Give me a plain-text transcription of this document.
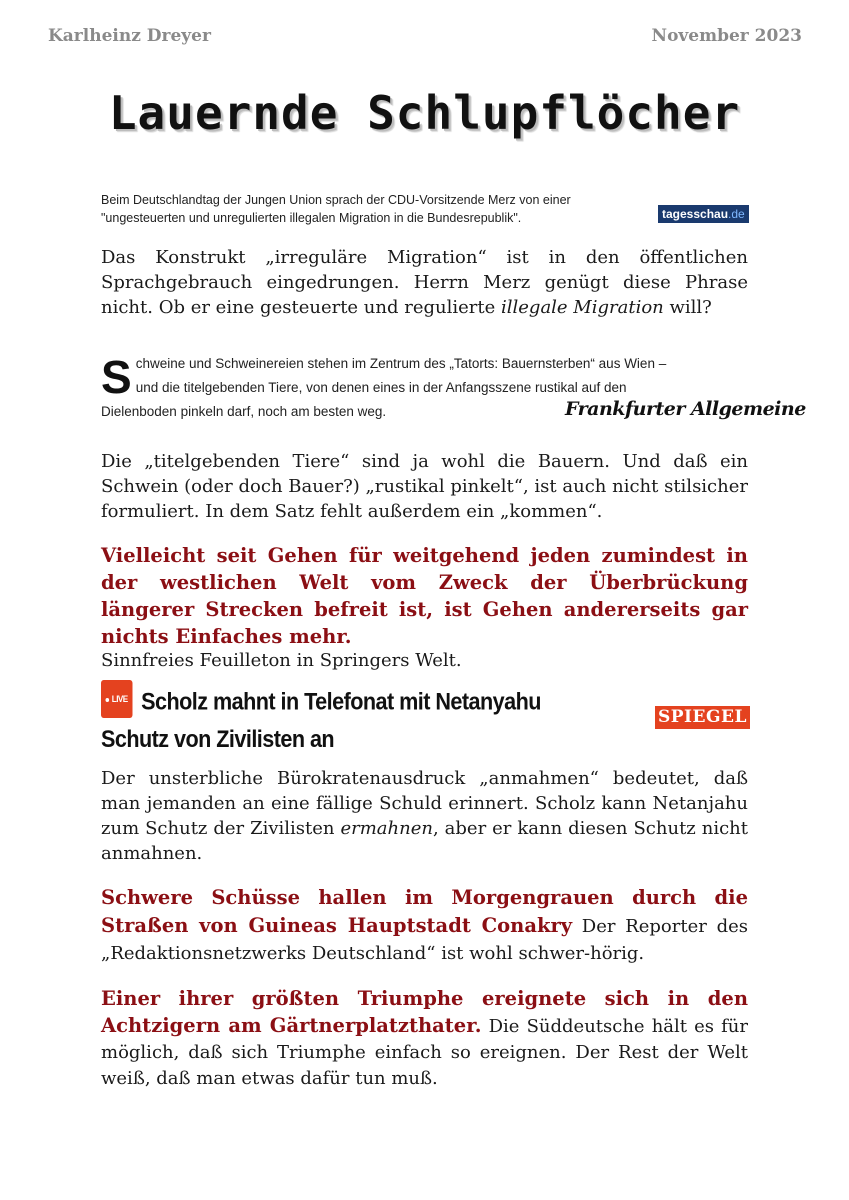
Karlheinz Dreyer	November 2023
Lauernde Schlupflöcher
Beim Deutschlandtag der Jungen Union sprach der CDU-Vorsitzende Merz von einer
"ungesteuerten und unregulierten illegalen Migration in die Bundesrepublik".	tagesschau.de
Das Konstrukt „irreguläre Migration“ ist in den öffentlichen Sprachgebrauch eingedrungen. Herrn Merz genügt diese Phrase nicht. Ob er eine gesteuerte und regulierte illegale Migration will?
S chweine und Schweinereien stehen im Zentrum des „Tatorts: Bauernsterben“ aus Wien –
und die titelgebenden Tiere, von denen eines in der Anfangsszene rustikal auf den
Dielenboden pinkeln darf, noch am besten weg.	Frankfurter Allgemeine
Die „titelgebenden Tiere“ sind ja wohl die Bauern. Und daß ein Schwein (oder doch Bauer?) „rustikal pinkelt“, ist auch nicht stilsicher formuliert. In dem Satz fehlt außerdem ein „kommen“.
Vielleicht seit Gehen für weitgehend jeden zumindest in der westlichen Welt vom Zweck der Überbrückung längerer Strecken befreit ist, ist Gehen andererseits gar nichts Einfaches mehr.
Sinnfreies Feuilleton in Springers Welt.
LIVE Scholz mahnt in Telefonat mit Netanyahu
Schutz von Zivilisten an
SPIEGEL
Der unsterbliche Bürokratenausdruck „anmahmen“ bedeutet, daß man jemanden an eine fällige Schuld erinnert. Scholz kann Netanjahu zum Schutz der Zivilisten ermahnen, aber er kann diesen Schutz nicht anmahnen.
Schwere Schüsse hallen im Morgengrauen durch die Straßen von Guineas Hauptstadt Conakry Der Reporter des „Redaktionsnetzwerks Deutschland“ ist wohl schwer-hörig.
Einer ihrer größten Triumphe ereignete sich in den Achtzigern am Gärtnerplatzthater. Die Süddeutsche hält es für möglich, daß sich Triumphe einfach so ereignen. Der Rest der Welt weiß, daß man etwas dafür tun muß.
